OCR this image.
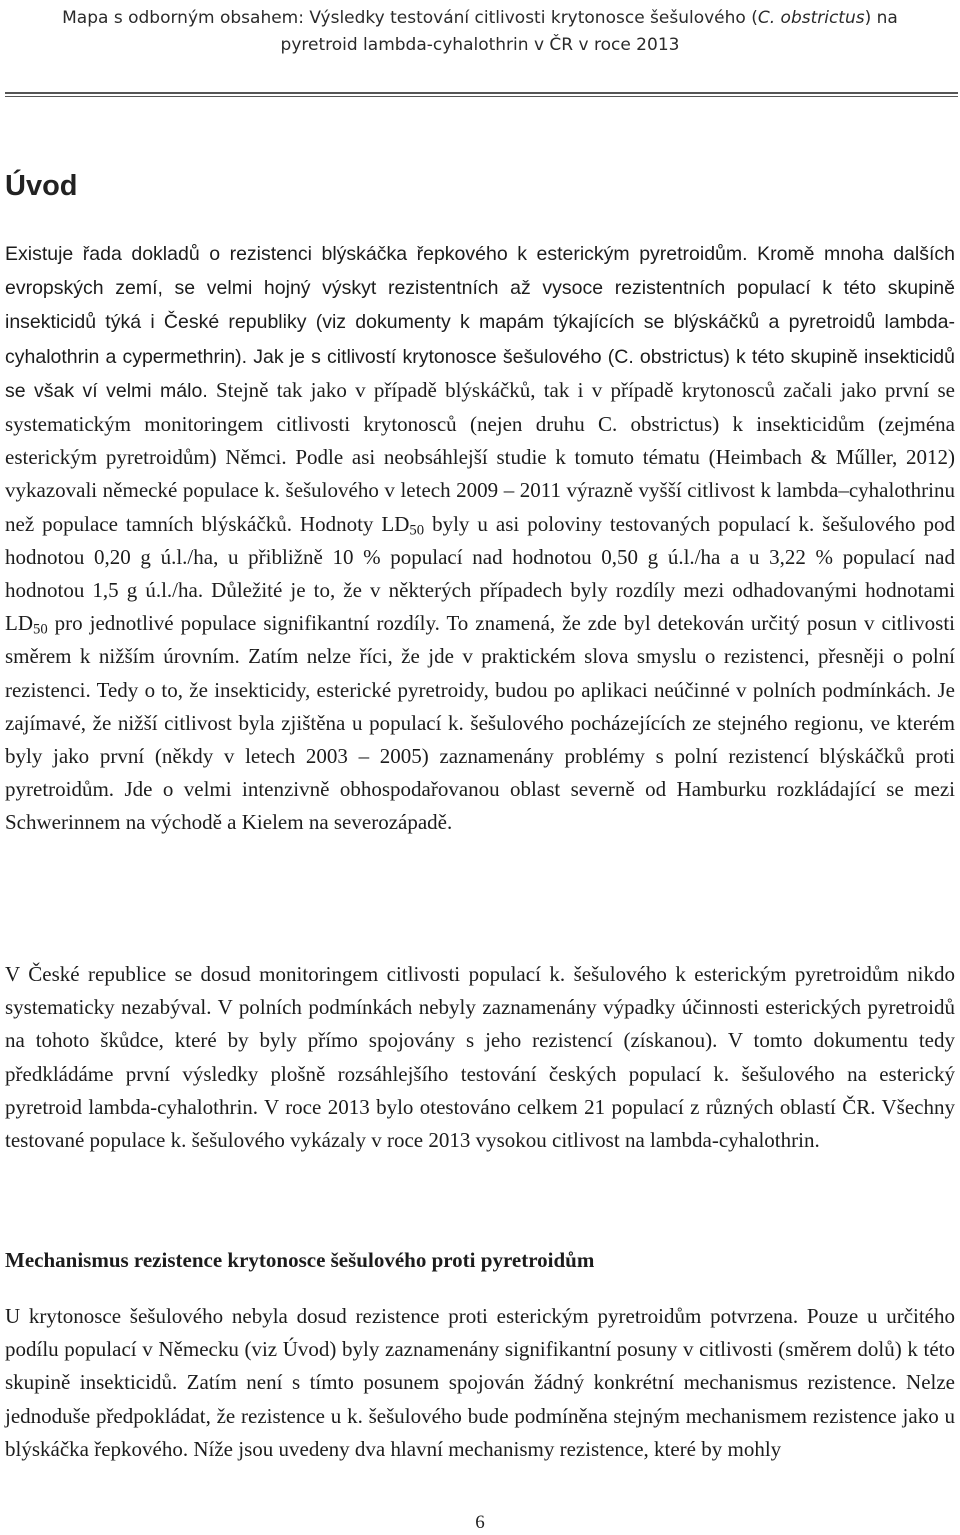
Mapa s odborným obsahem: Výsledky testování citlivosti krytonosce šešulového (C. obstrictus) na
pyretroid lambda-cyhalothrin v ČR v roce 2013
Úvod

Existuje řada dokladů o rezistenci blýskáčka řepkového k esterickým pyretroidům. Kromě mnoha dalších evropských zemí, se velmi hojný výskyt rezistentních až vysoce rezistentních populací k této skupině insekticidů týká i České republiky (viz dokumenty k mapám týkajících se blýskáčků a pyretroidů lambda-cyhalothrin a cypermethrin). Jak je s citlivostí krytonosce šešulového (C. obstrictus) k této skupině insekticidů se však ví velmi málo. Stejně tak jako v případě blýskáčků, tak i v případě krytonosců začali jako první se systematickým monitoringem citlivosti krytonosců (nejen druhu C. obstrictus) k insekticidům (zejména esterickým pyretroidům) Němci. Podle asi neobsáhlejší studie k tomuto tématu (Heimbach & Műller, 2012) vykazovali německé populace k. šešulového v letech 2009 – 2011 výrazně vyšší citlivost k lambda–cyhalothrinu než populace tamních blýskáčků. Hodnoty $LD_{50}$ byly u asi poloviny testovaných populací k. šešulového pod hodnotou 0,20 g ú.l./ha, u přibližně 10 % populací nad hodnotou 0,50 g ú.l./ha a u 3,22 % populací nad hodnotou 1,5 g ú.l./ha. Důležité je to, že v některých případech byly rozdíly mezi odhadovanými hodnotami $LD_{50}$ pro jednotlivé populace signifikantní rozdíly. To znamená, že zde byl detekován určitý posun v citlivosti směrem k nižším úrovním. Zatím nelze říci, že jde v praktickém slova smyslu o rezistenci, přesněji o polní rezistenci. Tedy o to, že insekticidy, esterické pyretroidy, budou po aplikaci neúčinné v polních podmínkách. Je zajímavé, že nižší citlivost byla zjištěna u populací k. šešulového pocházejících ze stejného regionu, ve kterém byly jako první (někdy v letech 2003 – 2005) zaznamenány problémy s polní rezistencí blýskáčků proti pyretroidům. Jde o velmi intenzivně obhospodařovanou oblast severně od Hamburku rozkládající se mezi Schwerinnem na východě a Kielem na severozápadě.

V České republice se dosud monitoringem citlivosti populací k. šešulového k esterickým pyretroidům nikdo systematicky nezabýval. V polních podmínkách nebyly zaznamenány výpadky účinnosti esterických pyretroidů na tohoto škůdce, které by byly přímo spojovány s jeho rezistencí (získanou). V tomto dokumentu tedy předkládáme první výsledky plošně rozsáhlejšího testování českých populací k. šešulového na esterický pyretroid lambda-cyhalothrin. V roce 2013 bylo otestováno celkem 21 populací z různých oblastí ČR. Všechny testované populace k. šešulového vykázaly v roce 2013 vysokou citlivost na lambda-cyhalothrin.

Mechanismus rezistence krytonosce šešulového proti pyretroidům

U krytonosce šešulového nebyla dosud rezistence proti esterickým pyretroidům potvrzena. Pouze u určitého podílu populací v Německu (viz Úvod) byly zaznamenány signifikantní posuny v citlivosti (směrem dolů) k této skupině insekticidů. Zatím není s tímto posunem spojován žádný konkrétní mechanismus rezistence. Nelze jednoduše předpokládat, že rezistence u k. šešulového bude podmíněna stejným mechanismem rezistence jako u blýskáčka řepkového. Níže jsou uvedeny dva hlavní mechanismy rezistence, které by mohly

6
